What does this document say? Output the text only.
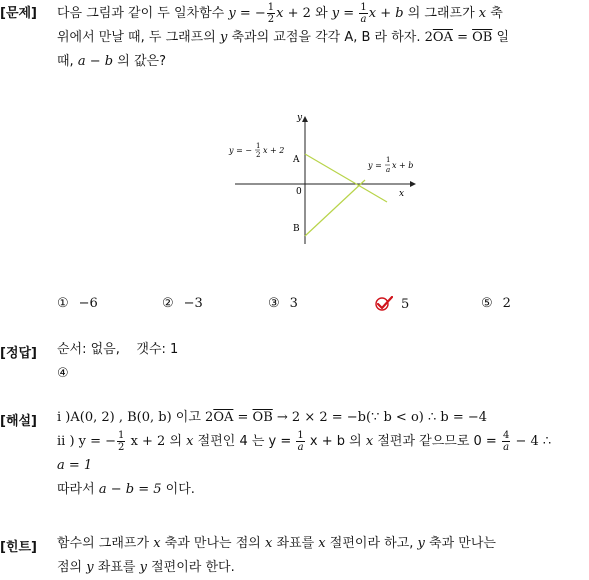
[문제] 다음 그림과 같이 두 일차함수 y = − $\frac{1}{2}$ x + 2 와 $y = \frac{1}{a}$ x + b 의 그래프가 x 축
위에서 만날 때, 두 그래프의 y 축과의 교점을 각각 A, B 라 하자. $2\overline{OA} = \overline{OB}$ 일
때, a − b 의 값은?
y
x
0
A
B
y = − 1
2 x + 2
y =
1
a x + b
① −6	② −3	③ 3	5	⑤ 2
[정답] 순서: 없음,    갯수: 1
④
[해설] i )A(0, 2) , B(0, b) 이고 $2\overline{OA} = \overline{OB} \to 2 \times 2$ = −b(∵ b < o) ∴ b = −4
ii ) y = − $\frac{1}{2}$ x + 2 의 x 절편인 4 는 $y = \frac{1}{a}$ x + b 의 x 절편과 같으므로 $0 = \frac{4}{a} - 4$ ∴
a = 1
따라서 a − b = 5 이다.
[힌트] 함수의 그래프가 x 축과 만나는 점의 x 좌표를 x 절편이라 하고, y 축과 만나는
점의 y 좌표를 y 절편이라 한다.
